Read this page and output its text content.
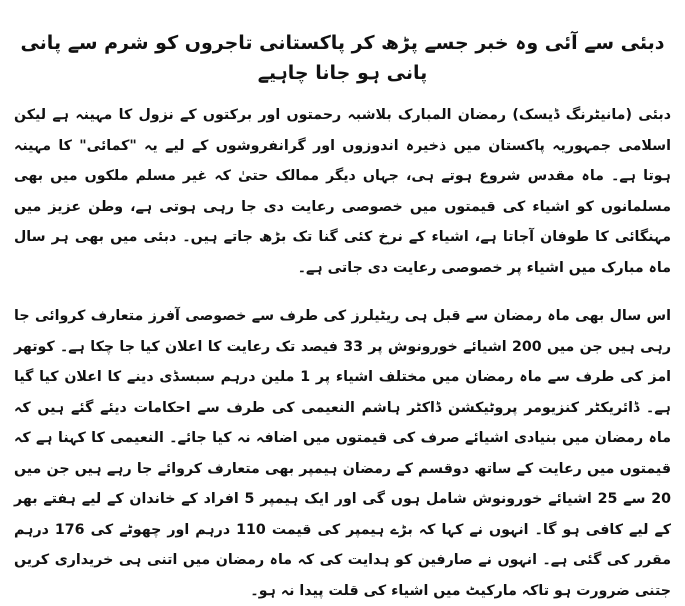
دبئی سے آئی وہ خبر جسے پڑھ کر پاکستانی تاجروں کو شرم سے پانی پانی ہو جانا چاہیے

دبئی (مانیٹرنگ ڈیسک) رمضان المبارک بلاشبہ رحمتوں اور برکتوں کے نزول کا مہینہ ہے لیکن اسلامی جمہوریہ پاکستان میں ذخیرہ اندوزوں اور گرانفروشوں کے لیے یہ "کمائی" کا مہینہ ہوتا ہے۔ ماہ مقدس شروع ہوتے ہی، جہاں دیگر ممالک حتیٰ کہ غیر مسلم ملکوں میں بھی مسلمانوں کو اشیاء کی قیمتوں میں خصوصی رعایت دی جا رہی ہوتی ہے، وطن عزیز میں مہنگائی کا طوفان آجاتا ہے، اشیاء کے نرخ کئی گنا تک بڑھ جاتے ہیں۔ دبئی میں بھی ہر سال ماہ مبارک میں اشیاء پر خصوصی رعایت دی جاتی ہے۔

اس سال بھی ماہ رمضان سے قبل ہی ریٹیلرز کی طرف سے خصوصی آفرز متعارف کروائی جا رہی ہیں جن میں 200 اشیائے خورونوش پر 33 فیصد تک رعایت کا اعلان کیا جا چکا ہے۔ کوتھر امز کی طرف سے ماہ رمضان میں مختلف اشیاء پر 1 ملین درہم سبسڈی دینے کا اعلان کیا گیا ہے۔ ڈائریکٹر کنزیومر پروٹیکشن ڈاکٹر ہاشم النعیمی کی طرف سے احکامات دیئے گئے ہیں کہ ماہ رمضان میں بنیادی اشیائے صرف کی قیمتوں میں اضافہ نہ کیا جائے۔ النعیمی کا کہنا ہے کہ قیمتوں میں رعایت کے ساتھ دوقسم کے رمضان ہیمپر بھی متعارف کروائے جا رہے ہیں جن میں 20 سے 25 اشیائے خورونوش شامل ہوں گی اور ایک ہیمپر 5 افراد کے خاندان کے لیے ہفتے بھر کے لیے کافی ہو گا۔ انہوں نے کہا کہ بڑے ہیمپر کی قیمت 110 درہم اور چھوٹے کی 176 درہم مقرر کی گئی ہے۔ انہوں نے صارفین کو ہدایت کی کہ ماہ رمضان میں اتنی ہی خریداری کریں جتنی ضرورت ہو تاکہ مارکیٹ میں اشیاء کی قلت پیدا نہ ہو۔
